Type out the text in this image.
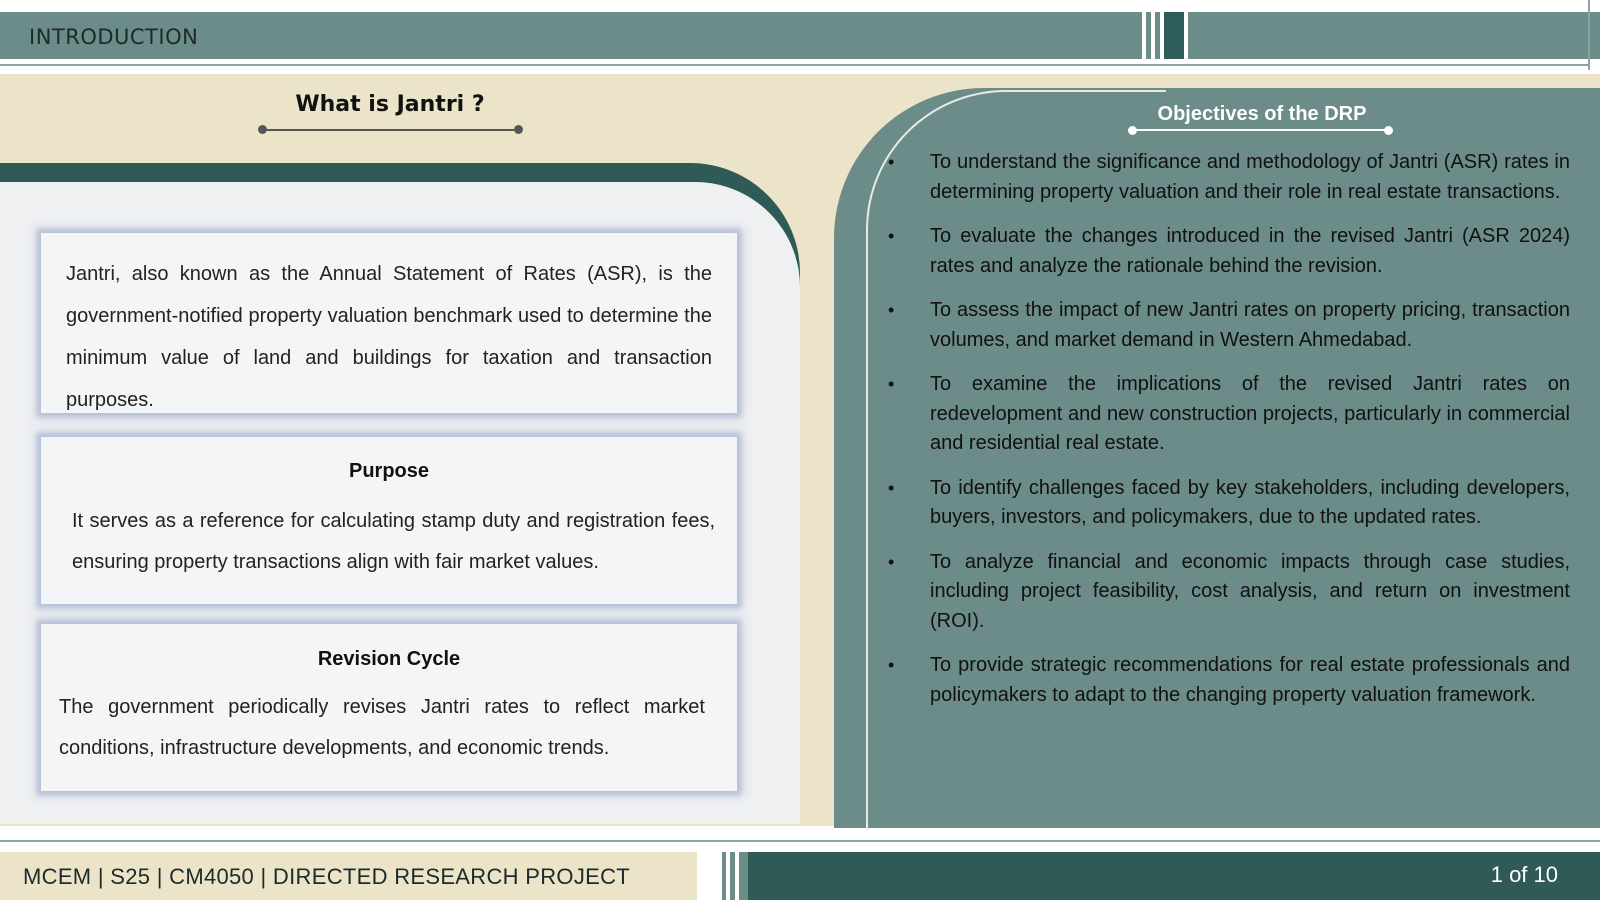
INTRODUCTION
What is Jantri ?

Jantri, also known as the Annual Statement of Rates (ASR), is the government-notified property valuation benchmark used to determine the minimum value of land and buildings for taxation and transaction purposes.

Purpose

It serves as a reference for calculating stamp duty and registration fees, ensuring property transactions align with fair market values.

Revision Cycle

The government periodically revises Jantri rates to reflect market conditions, infrastructure developments, and economic trends.

Objectives of the DRP
•	To understand the significance and methodology of Jantri (ASR) rates in determining property valuation and their role in real estate transactions.
•	To evaluate the changes introduced in the revised Jantri (ASR 2024) rates and analyze the rationale behind the revision.
•	To assess the impact of new Jantri rates on property pricing, transaction volumes, and market demand in Western Ahmedabad.
•	To examine the implications of the revised Jantri rates on redevelopment and new construction projects, particularly in commercial and residential real estate.
•	To identify challenges faced by key stakeholders, including developers, buyers, investors, and policymakers, due to the updated rates.
•	To analyze financial and economic impacts through case studies, including project feasibility, cost analysis, and return on investment (ROI).
•	To provide strategic recommendations for real estate professionals and policymakers to adapt to the changing property valuation framework.
MCEM | S25 | CM4050 | DIRECTED RESEARCH PROJECT	1 of 10
